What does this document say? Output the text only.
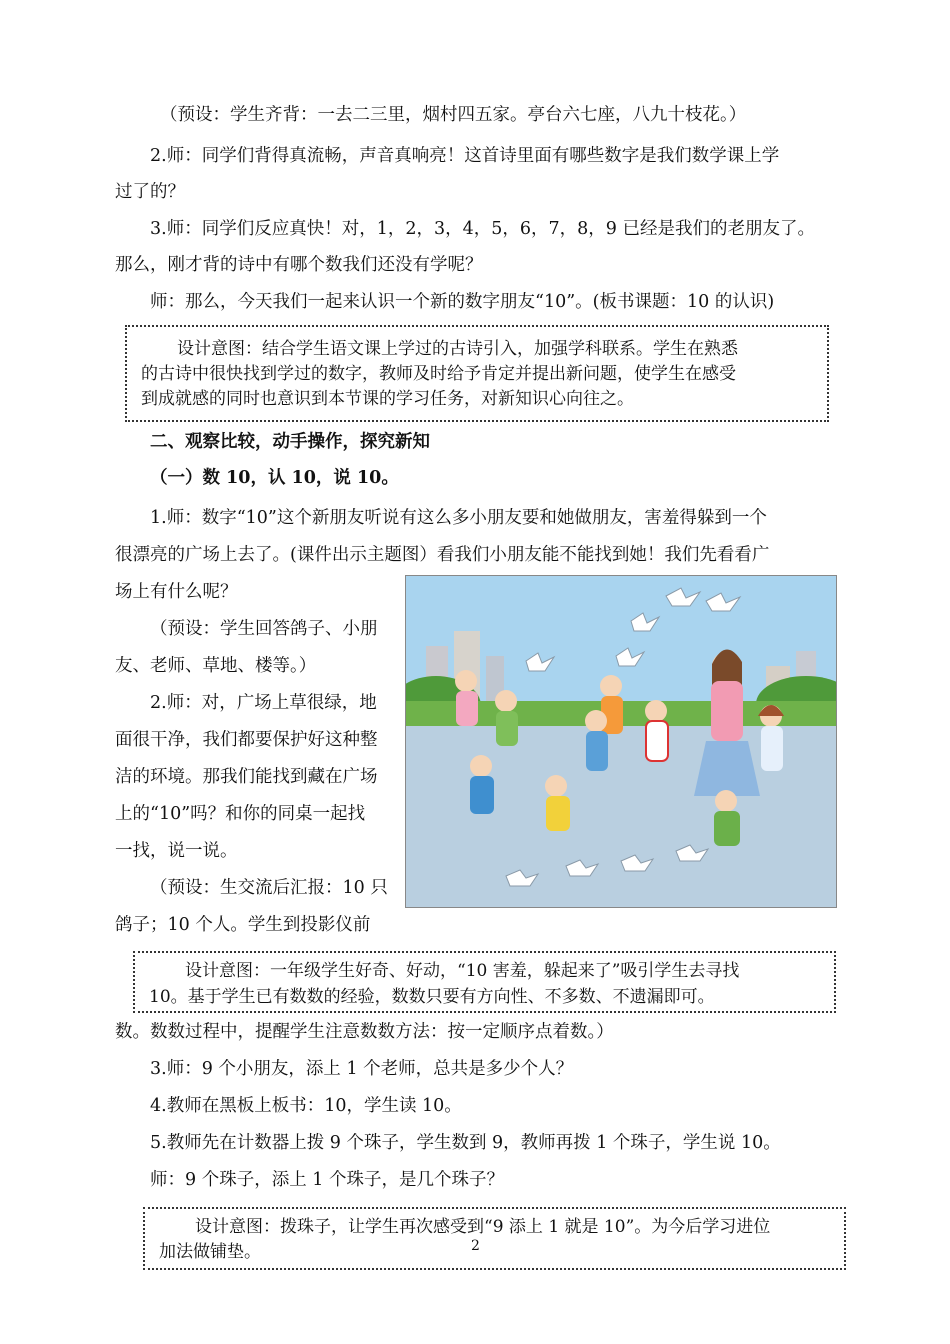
（预设：学生齐背：一去二三里，烟村四五家。亭台六七座，八九十枝花。）
2.师：同学们背得真流畅，声音真响亮！这首诗里面有哪些数字是我们数学课上学
过了的？
3.师：同学们反应真快！对，1，2，3，4，5，6，7，8，9 已经是我们的老朋友了。
那么，刚才背的诗中有哪个数我们还没有学呢？
师：那么，今天我们一起来认识一个新的数字朋友“10”。(板书课题：10 的认识)
设计意图：结合学生语文课上学过的古诗引入，加强学科联系。学生在熟悉
的古诗中很快找到学过的数字，教师及时给予肯定并提出新问题，使学生在感受
到成就感的同时也意识到本节课的学习任务，对新知识心向往之。
二、观察比较，动手操作，探究新知
（一）数 10，认 10，说 10。
1.师：数字“10”这个新朋友听说有这么多小朋友要和她做朋友，害羞得躲到一个
很漂亮的广场上去了。(课件出示主题图）看我们小朋友能不能找到她！我们先看看广
场上有什么呢？
（预设：学生回答鸽子、小朋
友、老师、草地、楼等。）
2.师：对，广场上草很绿，地
面很干净，我们都要保护好这种整
洁的环境。那我们能找到藏在广场
上的“10”吗？和你的同桌一起找
一找，说一说。
（预设：生交流后汇报：10 只
鸽子；10 个人。学生到投影仪前
设计意图：一年级学生好奇、好动，“10 害羞，躲起来了”吸引学生去寻找
10。基于学生已有数数的经验，数数只要有方向性、不多数、不遗漏即可。
数。数数过程中，提醒学生注意数数方法：按一定顺序点着数。）
3.师：9 个小朋友，添上 1 个老师，总共是多少个人？
4.教师在黑板上板书：10，学生读 10。
5.教师先在计数器上拨 9 个珠子，学生数到 9，教师再拨 1 个珠子，学生说 10。
师：9 个珠子，添上 1 个珠子，是几个珠子？
设计意图：拨珠子，让学生再次感受到“9 添上 1 就是 10”。为今后学习进位
加法做铺垫。	2
